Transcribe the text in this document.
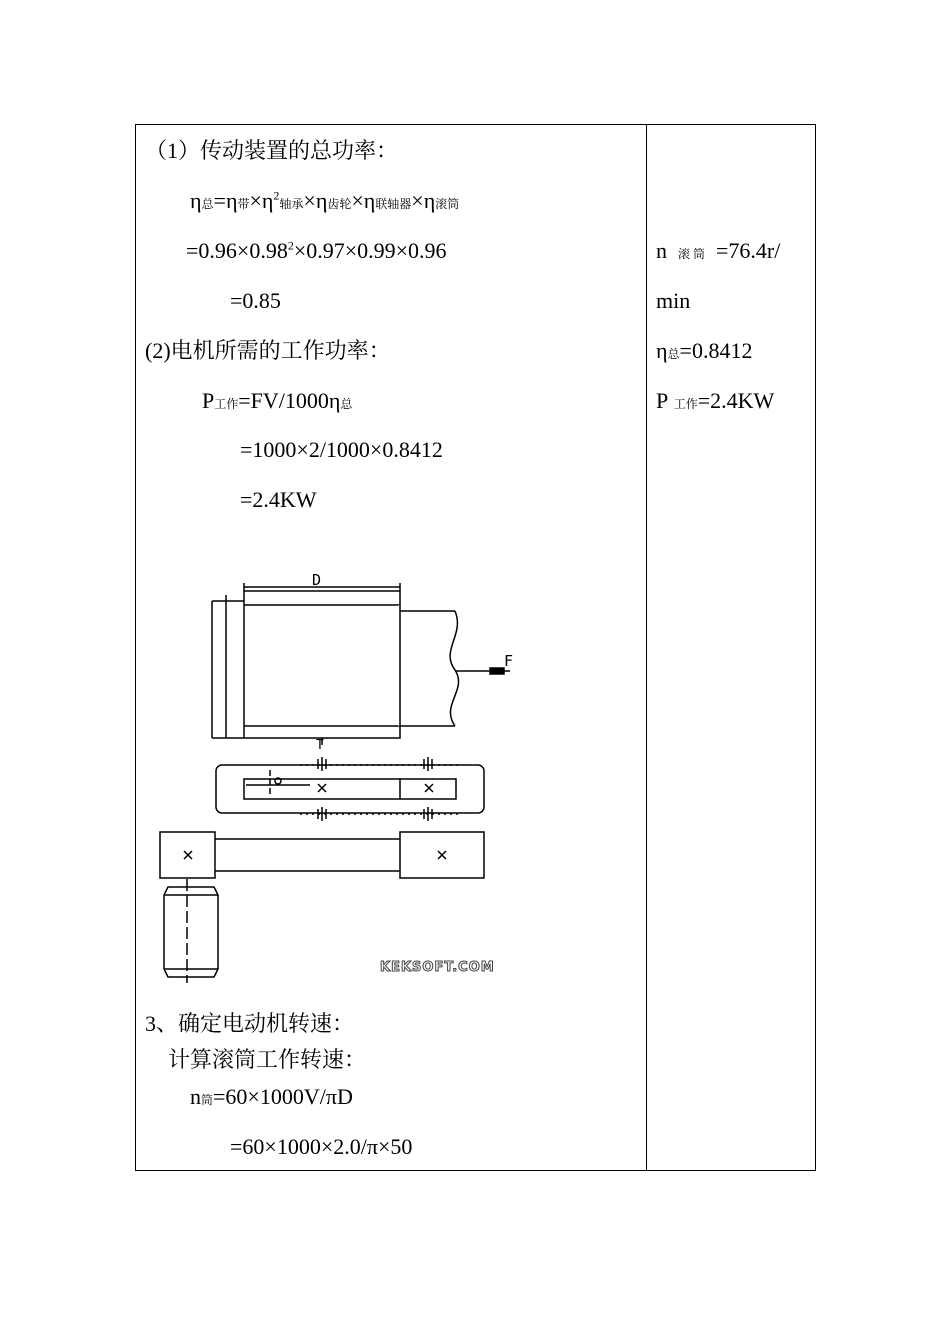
（1）传动装置的总功率：
η总=η带$\times\eta^2$轴承×η齿轮×η联轴器×η滚筒
$=0.96\times 0.98^2\times 0.97\times 0.99\times 0.96$
=0.85
(2)电机所需的工作功率：
P工作=FV/1000η总
=1000×2/1000×0.8412
=2.4KW
D
F
T
KEKSOFT.COM
3、确定电动机转速：
计算滚筒工作转速：
n筒=60×1000V/πD
=60×1000×2.0/π×50
n 滚 筒 =76.4r/
min
η总=0.8412
P 工作=2.4KW
